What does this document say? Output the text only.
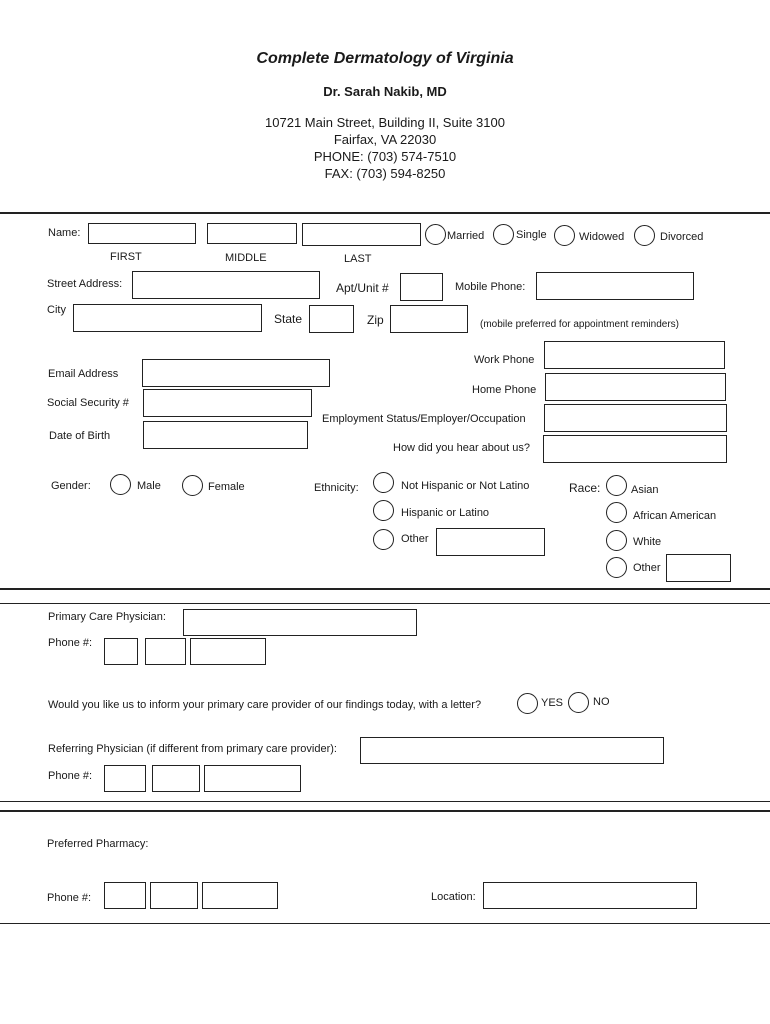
Complete Dermatology of Virginia
Dr. Sarah Nakib, MD
10721 Main Street, Building II, Suite 3100
Fairfax, VA 22030
PHONE: (703) 574-7510
FAX: (703) 594-8250
Name:
FIRST	MIDDLE	LAST
Married	Single	Widowed	Divorced
Street Address:	Apt/Unit #	Mobile Phone:
City
State	Zip	(mobile preferred for appointment reminders)
Work Phone
Email Address
Home Phone
Social Security #
Employment Status/Employer/Occupation
Date of Birth
How did you hear about us?
Gender:	Male	Female	Ethnicity:	Not Hispanic or Not Latino
Hispanic or Latino
Other
Race:	Asian
African American
White
Other
Primary Care Physician:
Phone #:
Would you like us to inform your primary care provider of our findings today, with a letter?	YES	NO
Referring Physician (if different from primary care provider):
Phone #:
Preferred Pharmacy:
Phone #:	Location:
